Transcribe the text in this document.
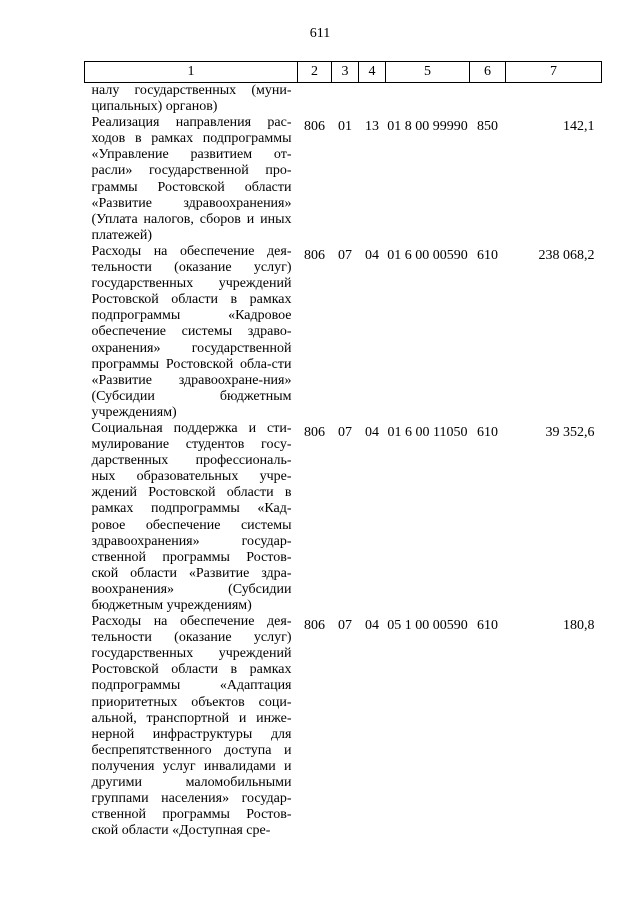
611
1	2	3	4	5	6	7
налу государственных (муни-ципальных) органов)						
Реализация направления рас-ходов в рамках подпрограммы «Управление развитием от-расли» государственной про-граммы Ростовской области «Развитие здравоохранения» (Уплата налогов, сборов и иных платежей)	806	01	13	01 8 00 99990	850	142,1
Расходы на обеспечение дея-тельности (оказание услуг) государственных учреждений Ростовской области в рамках подпрограммы «Кадровое обеспечение системы здраво-охранения» государственной программы Ростовской обла-сти «Развитие здравоохране-ния» (Субсидии бюджетным учреждениям)	806	07	04	01 6 00 00590	610	238 068,2
Социальная поддержка и сти-мулирование студентов госу-дарственных профессиональ-ных образовательных учре-ждений Ростовской области в рамках подпрограммы «Кад-ровое обеспечение системы здравоохранения» государ-ственной программы Ростов-ской области «Развитие здра-воохранения» (Субсидии бюджетным учреждениям)	806	07	04	01 6 00 11050	610	39 352,6
Расходы на обеспечение дея-тельности (оказание услуг) государственных учреждений Ростовской области в рамках подпрограммы «Адаптация приоритетных объектов соци-альной, транспортной и инже-нерной инфраструктуры для беспрепятственного доступа и получения услуг инвалидами и другими маломобильными группами населения» государ-ственной программы Ростов-ской области «Доступная сре-	806	07	04	05 1 00 00590	610	180,8
